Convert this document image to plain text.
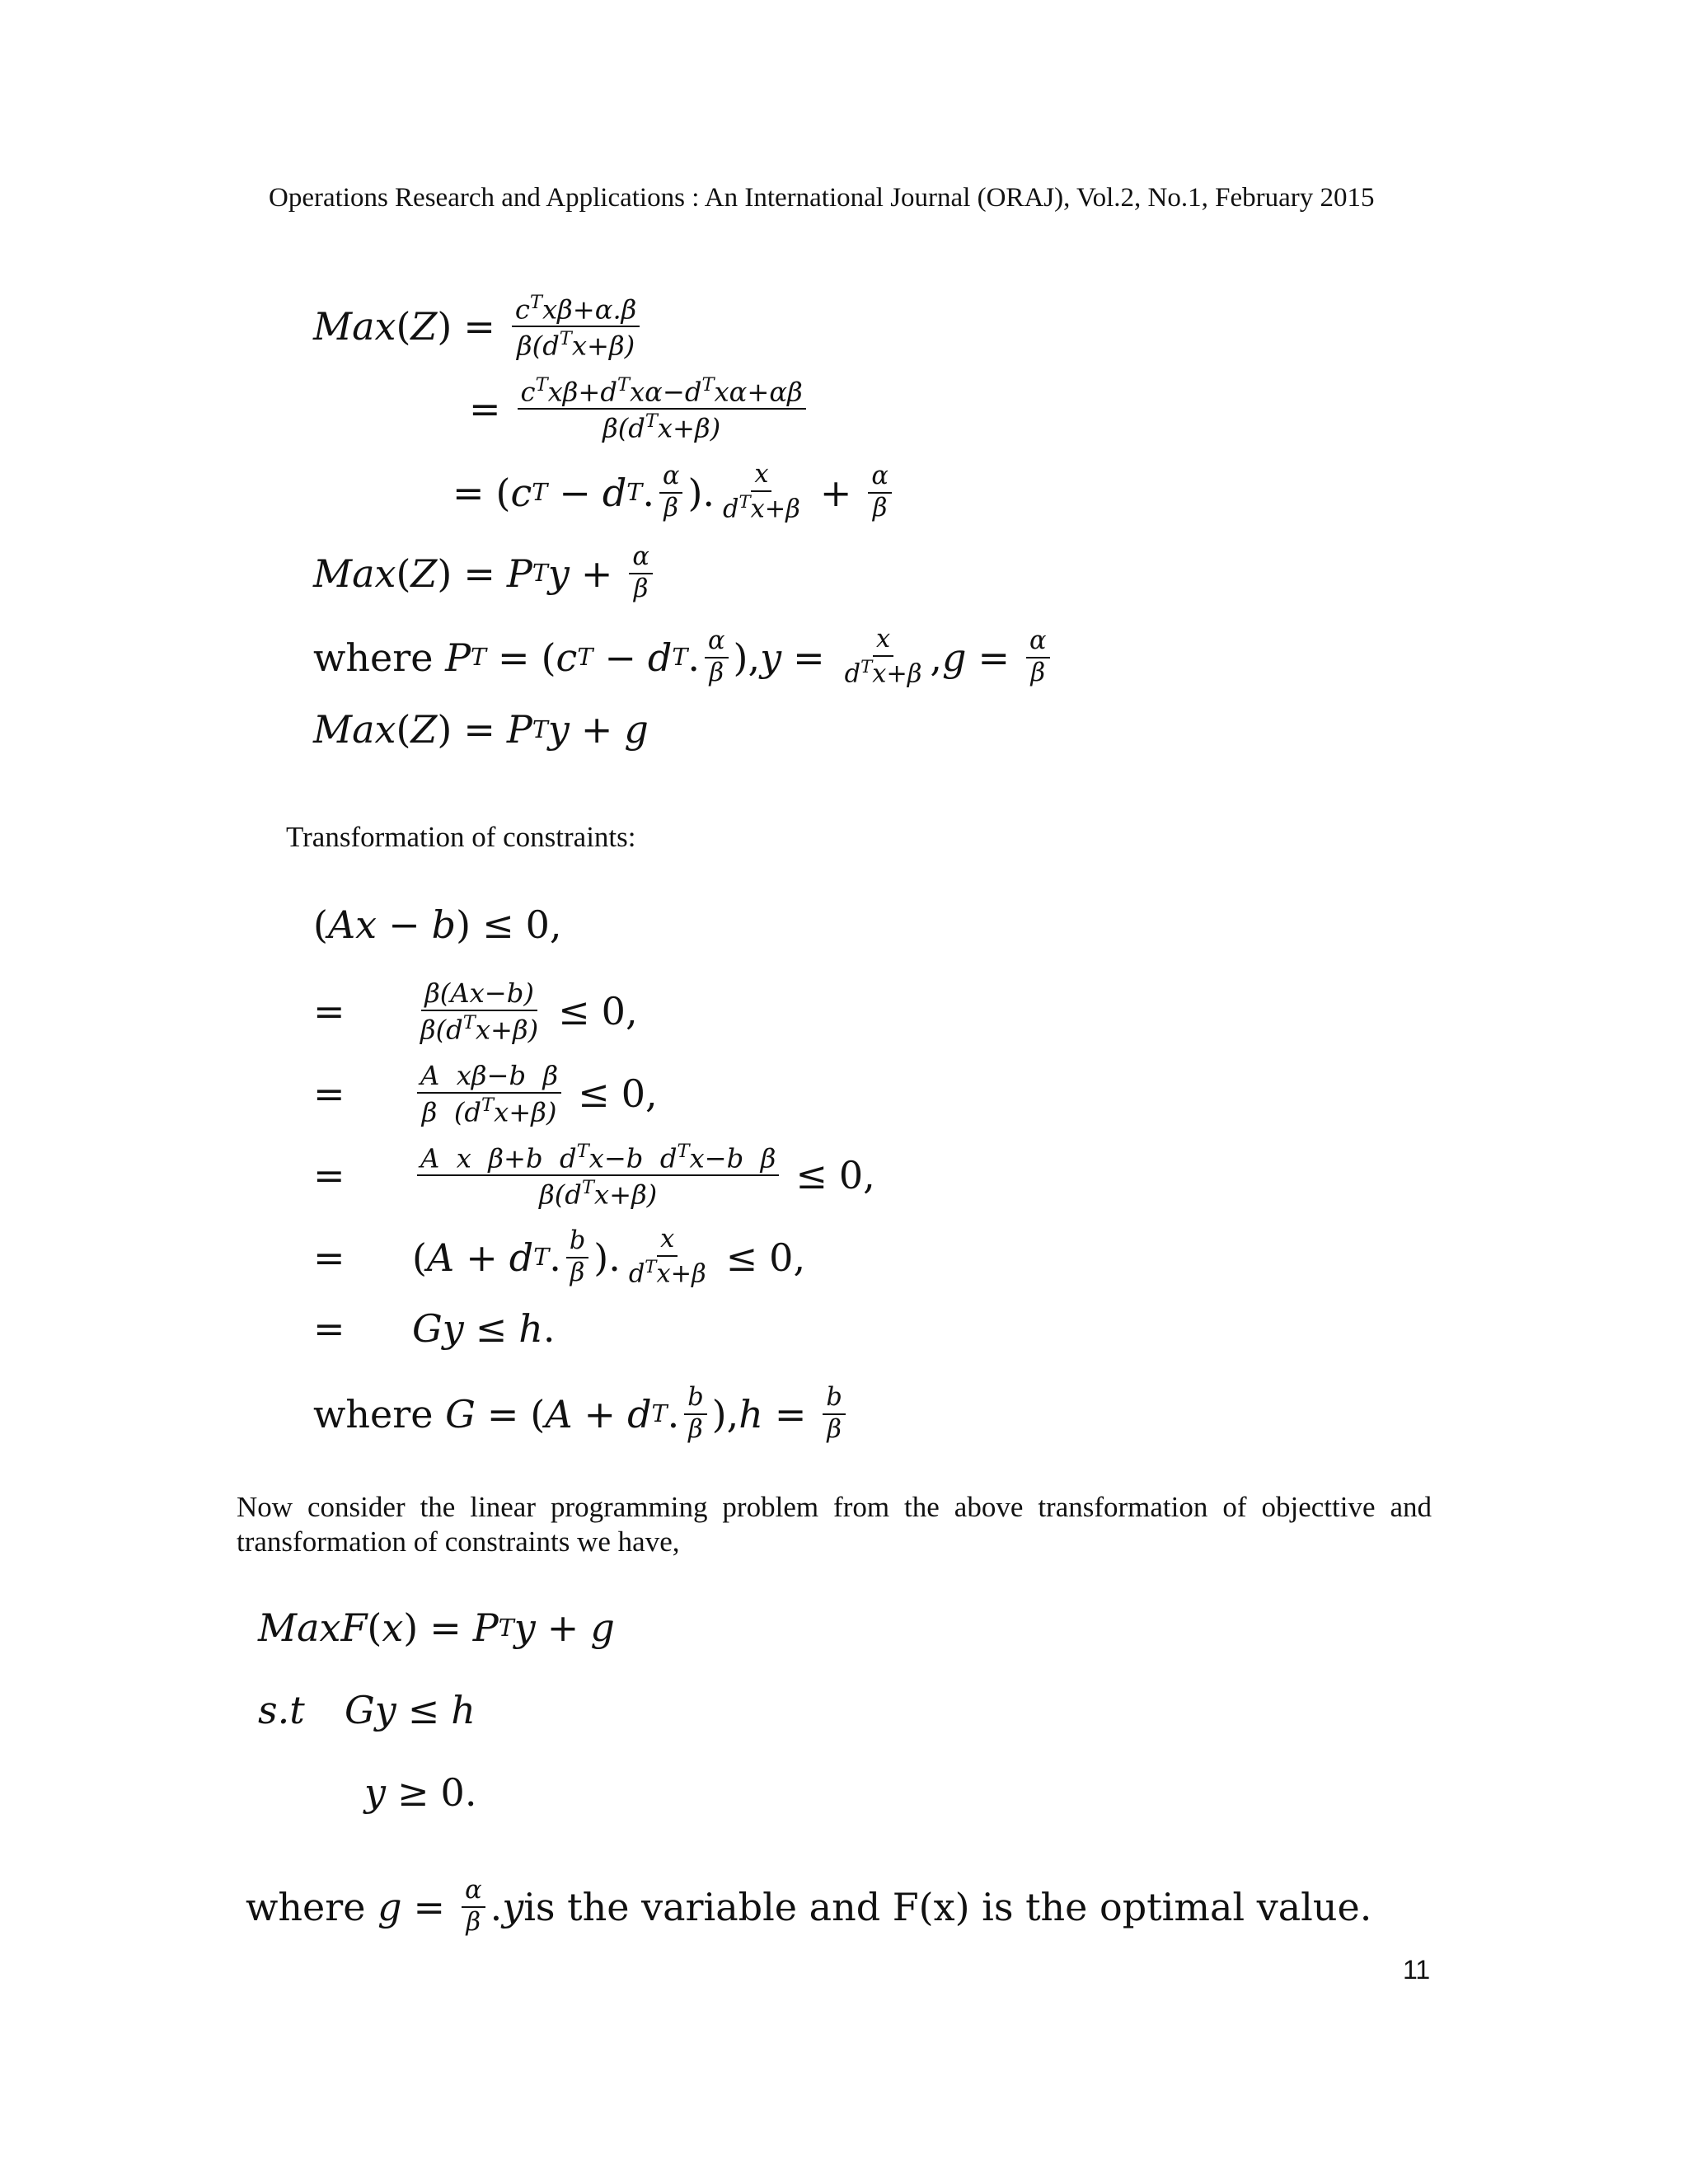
Operations Research and Applications : An International Journal (ORAJ), Vol.2, No.1, February 2015
Max ( Z ) = $\frac{c^Tx\beta+\alpha.\beta}{\beta(d^Tx+\beta)}$
= $\frac{c^Tx\beta+d^Tx\alpha-d^Tx\alpha+\alpha\beta}{\beta(d^Tx+\beta)}$
= ( c T − d T . $\frac{\alpha}{\beta}$ ). $\frac{x}{d^Tx+\beta} + \frac{\alpha}{\beta}$
Max ( Z ) = P T $y + \frac{\alpha}{\beta}$
where
P T = ( c T − d T . $\frac{\alpha}{\beta}$ ), $y = \frac{x}{d^Tx+\beta}$ , $g = \frac{\alpha}{\beta}$
Max ( Z ) = P T y + g
Transformation of constraints:
( Ax − b ) ≤ 0,
=	$\frac{\beta(Ax-b)}{\beta(d^Tx+\beta)} \le 0$,
=	$\frac{\text{A xβ−b β}}{\beta (d^Tx+\beta)} \le 0$,
=	$\frac{A x \beta+b d^Tx-b d^Tx-b \beta}{\beta(d^Tx+\beta)} \le 0$,
=	( A + d T . $\frac{b}{\beta}$ ). $\frac{x}{d^Tx+\beta} \le 0$,
=	Gy ≤ h .
where
G = ( A + d T . $\frac{b}{\beta}$ ), $h = \frac{b}{\beta}$
Now consider the linear programming problem from the above transformation of objecttive and
transformation of constraints we have,
MaxF ( x ) = P T y + g
s.t	Gy ≤ h
y ≥ 0.
where
$g = \frac{\alpha}{\beta}$ . y is the variable and F(x) is the optimal value.
11
